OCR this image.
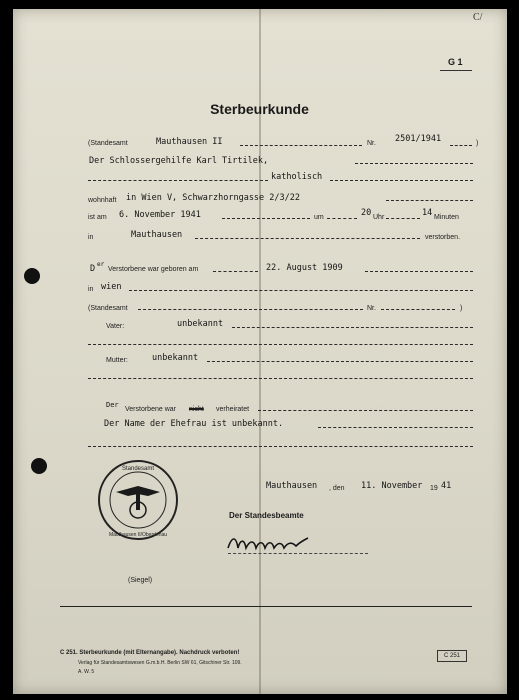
C/
G 1
Sterbeurkunde
(Standesamt	Mauthausen II	Nr. 2501/1941	)
Der Schlossergehilfe Karl Tirtilek,
katholisch
wohnhaft in Wien V, Schwarzhorngasse 2/3/22
ist am 6. November 1941	um	20 Uhr	14 Minuten
in	Mauthausen	verstorben.
D er
Verstorbene war geboren am	22. August 1909
in wien
(Standesamt	Nr.	)
Vater:	unbekannt
Mutter:	unbekannt
Der
Verstorbene war nicht verheiratet
Der Name der Ehefrau ist unbekannt.
Mauthausen , den 11. November 19 41
Der Standesbeamte
Standesamt
Mauthausen II/Oberdonau
(Siegel)
C 251. Sterbeurkunde (mit Elternangabe). Nachdruck verboten!
Verlag für Standesamtswesen G.m.b.H. Berlin SW 61, Gitschiner Str. 109.
A. W. 5
C 251
